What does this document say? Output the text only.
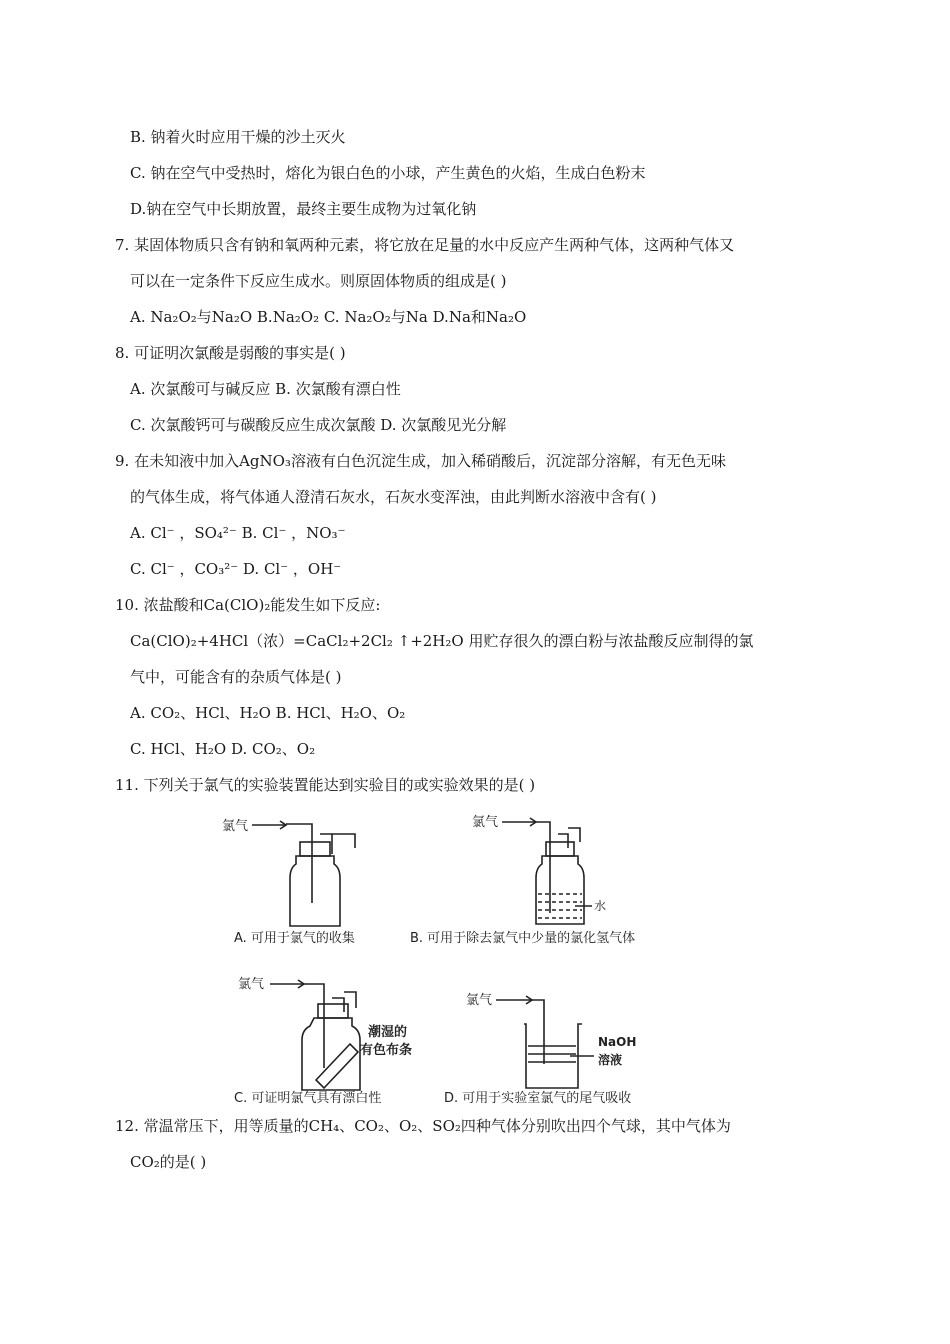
B. 钠着火时应用干燥的沙土灭火
C. 钠在空气中受热时，熔化为银白色的小球，产生黄色的火焰，生成白色粉末
D.钠在空气中长期放置，最终主要生成物为过氧化钠
7. 某固体物质只含有钠和氧两种元素，将它放在足量的水中反应产生两种气体，这两种气体又
可以在一定条件下反应生成水。则原固体物质的组成是( )
A. Na₂O₂与Na₂O B.Na₂O₂ C. Na₂O₂与Na D.Na和Na₂O
8. 可证明次氯酸是弱酸的事实是( )
A. 次氯酸可与碱反应 B. 次氯酸有漂白性
C. 次氯酸钙可与碳酸反应生成次氯酸 D. 次氯酸见光分解
9. 在未知液中加入AgNO₃溶液有白色沉淀生成，加入稀硝酸后，沉淀部分溶解，有无色无味
的气体生成，将气体通人澄清石灰水，石灰水变浑浊，由此判断水溶液中含有( )
A. Cl⁻ ，SO₄²⁻ B. Cl⁻ ，NO₃⁻
C. Cl⁻ ，CO₃²⁻ D. Cl⁻ ，OH⁻
10. 浓盐酸和Ca(ClO)₂能发生如下反应:
Ca(ClO)₂+4HCl（浓）=CaCl₂+2Cl₂ ↑+2H₂O 用贮存很久的漂白粉与浓盐酸反应制得的氯
气中，可能含有的杂质气体是( )
A. CO₂、HCl、H₂O B. HCl、H₂O、O₂
C. HCl、H₂O D. CO₂、O₂
11. 下列关于氯气的实验装置能达到实验目的或实验效果的是( )
氯气	氯气
水
A. 可用于氯气的收集	B. 可用于除去氯气中少量的氯化氢气体
氯气
潮湿的
有色布条
氯气
NaOH
溶液
C. 可证明氯气具有漂白性	D. 可用于实验室氯气的尾气吸收
12. 常温常压下，用等质量的CH₄、CO₂、O₂、SO₂四种气体分别吹出四个气球，其中气体为
CO₂的是( )
